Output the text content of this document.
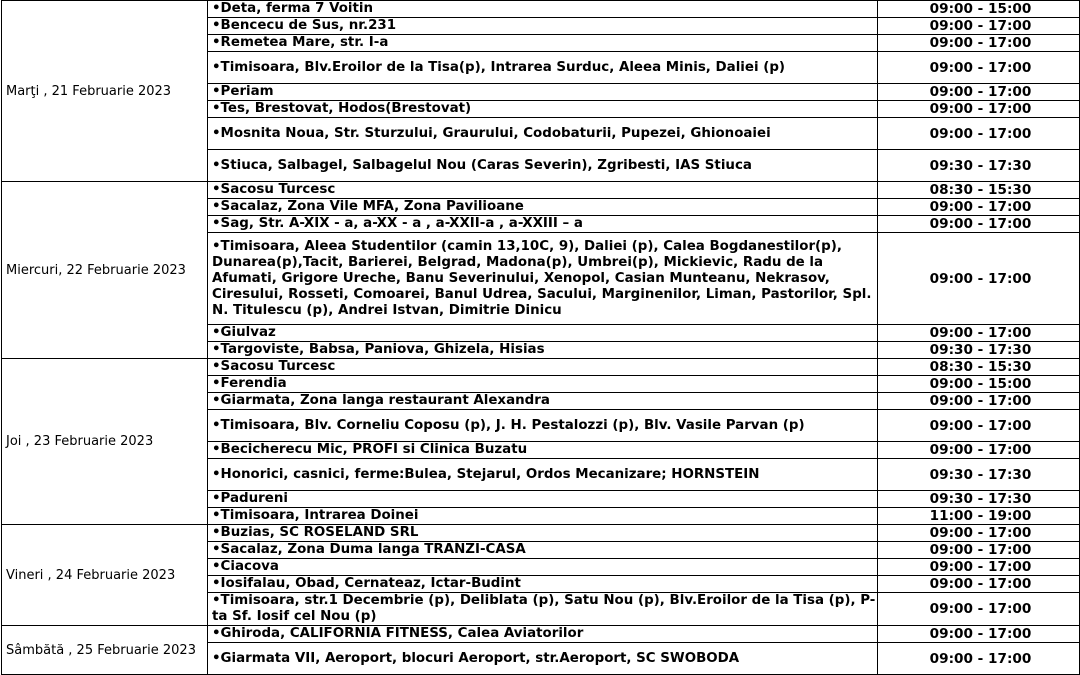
Marţi , 21 Februarie 2023	•Deta, ferma 7 Voitin	09:00 - 15:00
	•Bencecu de Sus, nr.231	09:00 - 17:00
	•Remetea Mare, str. I-a	09:00 - 17:00
	•Timisoara, Blv.Eroilor de la Tisa(p), Intrarea Surduc, Aleea Minis, Daliei (p)	09:00 - 17:00
	•Periam	09:00 - 17:00
	•Tes, Brestovat, Hodos(Brestovat)	09:00 - 17:00
	•Mosnita Noua, Str. Sturzului, Graurului, Codobaturii, Pupezei, Ghionoaiei	09:00 - 17:00
	•Stiuca, Salbagel, Salbagelul Nou (Caras Severin), Zgribesti, IAS Stiuca	09:30 - 17:30
Miercuri, 22 Februarie 2023	•Sacosu Turcesc	08:30 - 15:30
	•Sacalaz, Zona Vile MFA, Zona Pavilioane	09:00 - 17:00
	•Sag, Str. A-XIX - a, a-XX - a , a-XXII-a , a-XXIII – a	09:00 - 17:00
	•Timisoara, Aleea Studentilor (camin 13,10C, 9), Daliei (p), Calea Bogdanestilor(p), Dunarea(p),Tacit, Barierei, Belgrad, Madona(p), Umbrei(p), Mickievic, Radu de la Afumati, Grigore Ureche, Banu Severinului, Xenopol, Casian Munteanu, Nekrasov, Ciresului, Rosseti, Comoarei, Banul Udrea, Sacului, Marginenilor, Liman, Pastorilor, Spl. N. Titulescu (p), Andrei Istvan, Dimitrie Dinicu	09:00 - 17:00
	•Giulvaz	09:00 - 17:00
	•Targoviste, Babsa, Paniova, Ghizela, Hisias	09:30 - 17:30
Joi , 23 Februarie 2023	•Sacosu Turcesc	08:30 - 15:30
	•Ferendia	09:00 - 15:00
	•Giarmata, Zona langa restaurant Alexandra	09:00 - 17:00
	•Timisoara, Blv. Corneliu Coposu (p), J. H. Pestalozzi (p), Blv. Vasile Parvan (p)	09:00 - 17:00
	•Becicherecu Mic, PROFI si Clinica Buzatu	09:00 - 17:00
	•Honorici, casnici, ferme:Bulea, Stejarul, Ordos Mecanizare; HORNSTEIN	09:30 - 17:30
	•Padureni	09:30 - 17:30
	•Timisoara, Intrarea Doinei	11:00 - 19:00
Vineri , 24 Februarie 2023	•Buzias, SC ROSELAND SRL	09:00 - 17:00
	•Sacalaz, Zona Duma langa TRANZI-CASA	09:00 - 17:00
	•Ciacova	09:00 - 17:00
	•Iosifalau, Obad, Cernateaz, Ictar-Budint	09:00 - 17:00
	•Timisoara, str.1 Decembrie (p), Deliblata (p), Satu Nou (p), Blv.Eroilor de la Tisa (p), P-ta Sf. Iosif cel Nou (p)	09:00 - 17:00
Sâmbătă , 25 Februarie 2023	•Ghiroda, CALIFORNIA FITNESS, Calea Aviatorilor	09:00 - 17:00
	•Giarmata VII, Aeroport, blocuri Aeroport, str.Aeroport, SC SWOBODA	09:00 - 17:00
